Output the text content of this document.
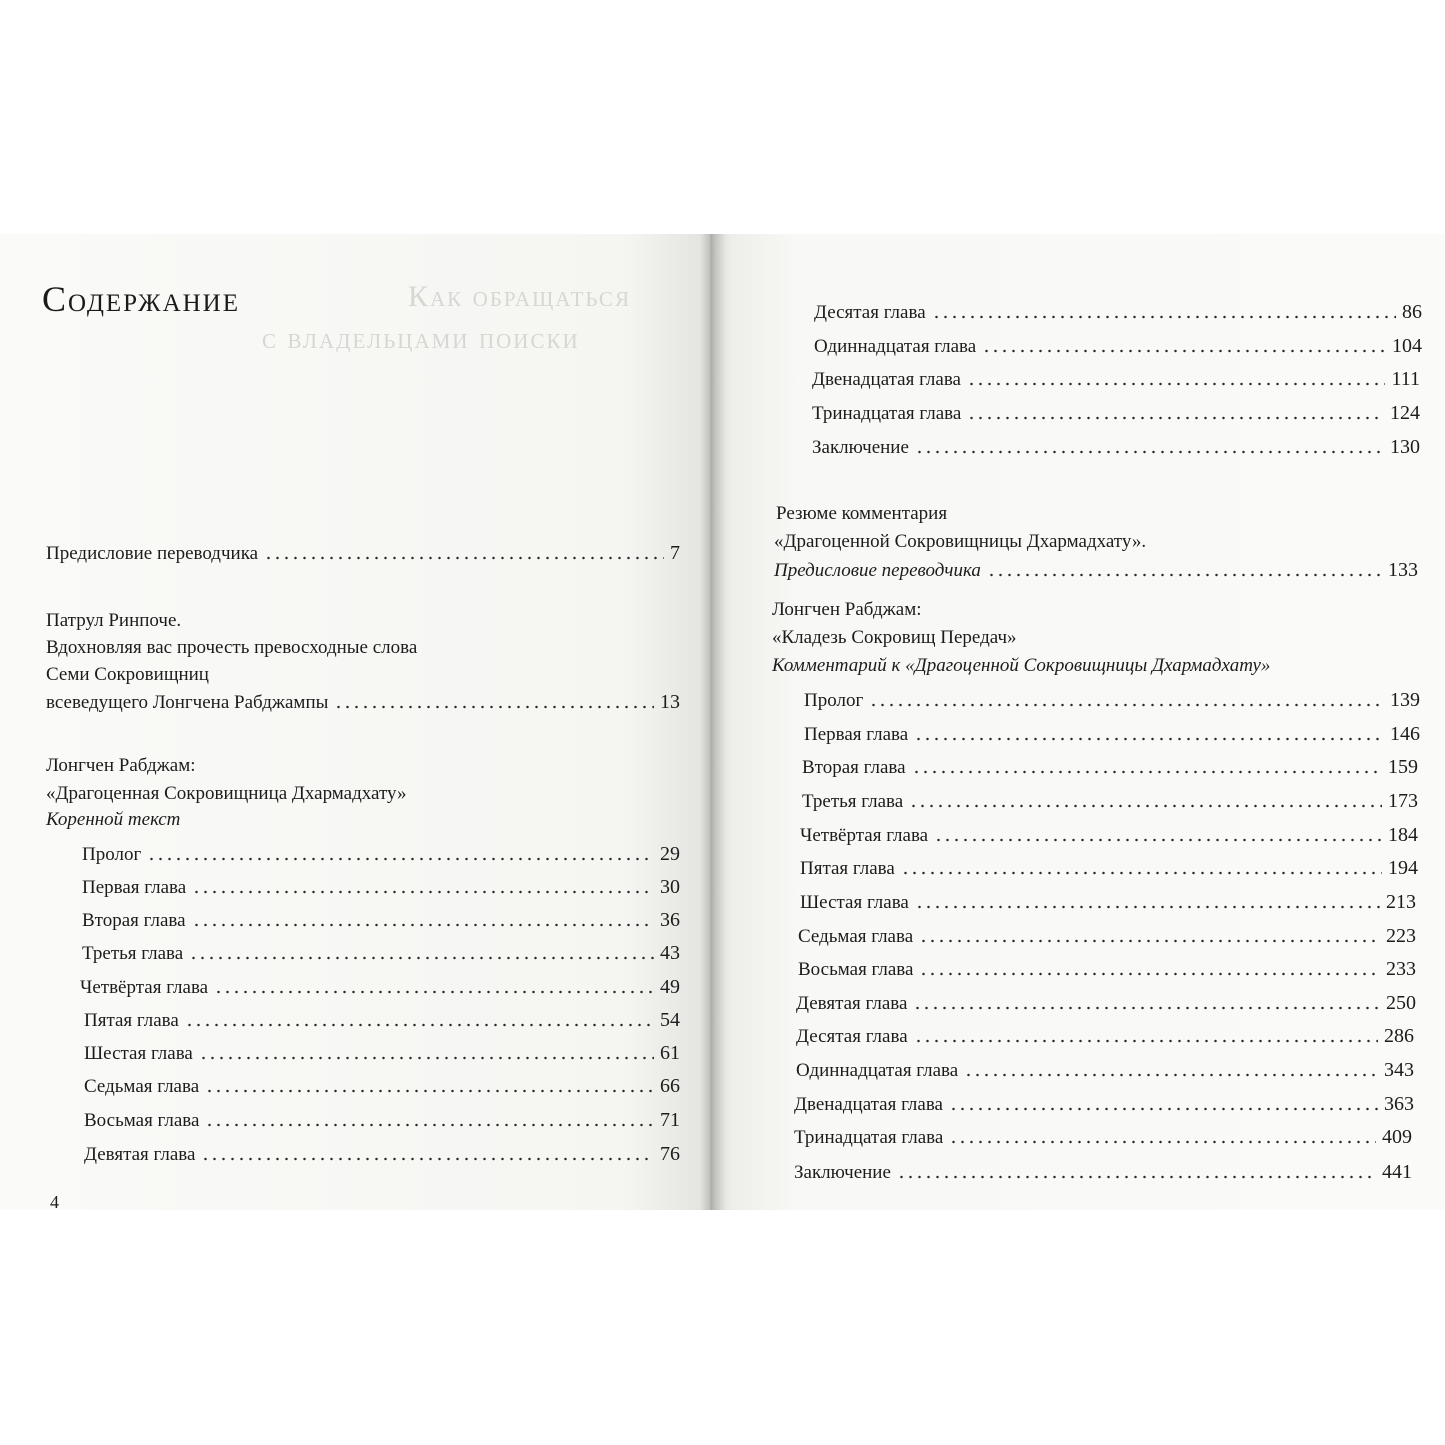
Как обращаться
с владельцами поиски
Содержание
Предисловие переводчика	7
Патрул Ринпоче.
Вдохновляя вас прочесть превосходные слова
Семи Сокровищниц
всеведущего Лонгчена Рабджампы	13
Лонгчен Рабджам:
«Драгоценная Сокровищница Дхармадхату»
Коренной текст
Пролог	29
Первая глава	30
Вторая глава	36
Третья глава	43
Четвёртая глава	49
Пятая глава	54
Шестая глава	61
Седьмая глава	66
Восьмая глава	71
Девятая глава	76
4
Десятая глава	86
Одиннадцатая глава	104
Двенадцатая глава	111
Тринадцатая глава	124
Заключение	130
Резюме комментария
«Драгоценной Сокровищницы Дхармадхату».
Предисловие переводчика	133
Лонгчен Рабджам:
«Кладезь Сокровищ Передач»
Комментарий к «Драгоценной Сокровищницы Дхармадхату»
Пролог	139
Первая глава	146
Вторая глава	159
Третья глава	173
Четвёртая глава	184
Пятая глава	194
Шестая глава	213
Седьмая глава	223
Восьмая глава	233
Девятая глава	250
Десятая глава	286
Одиннадцатая глава	343
Двенадцатая глава	363
Тринадцатая глава	409
Заключение	441
